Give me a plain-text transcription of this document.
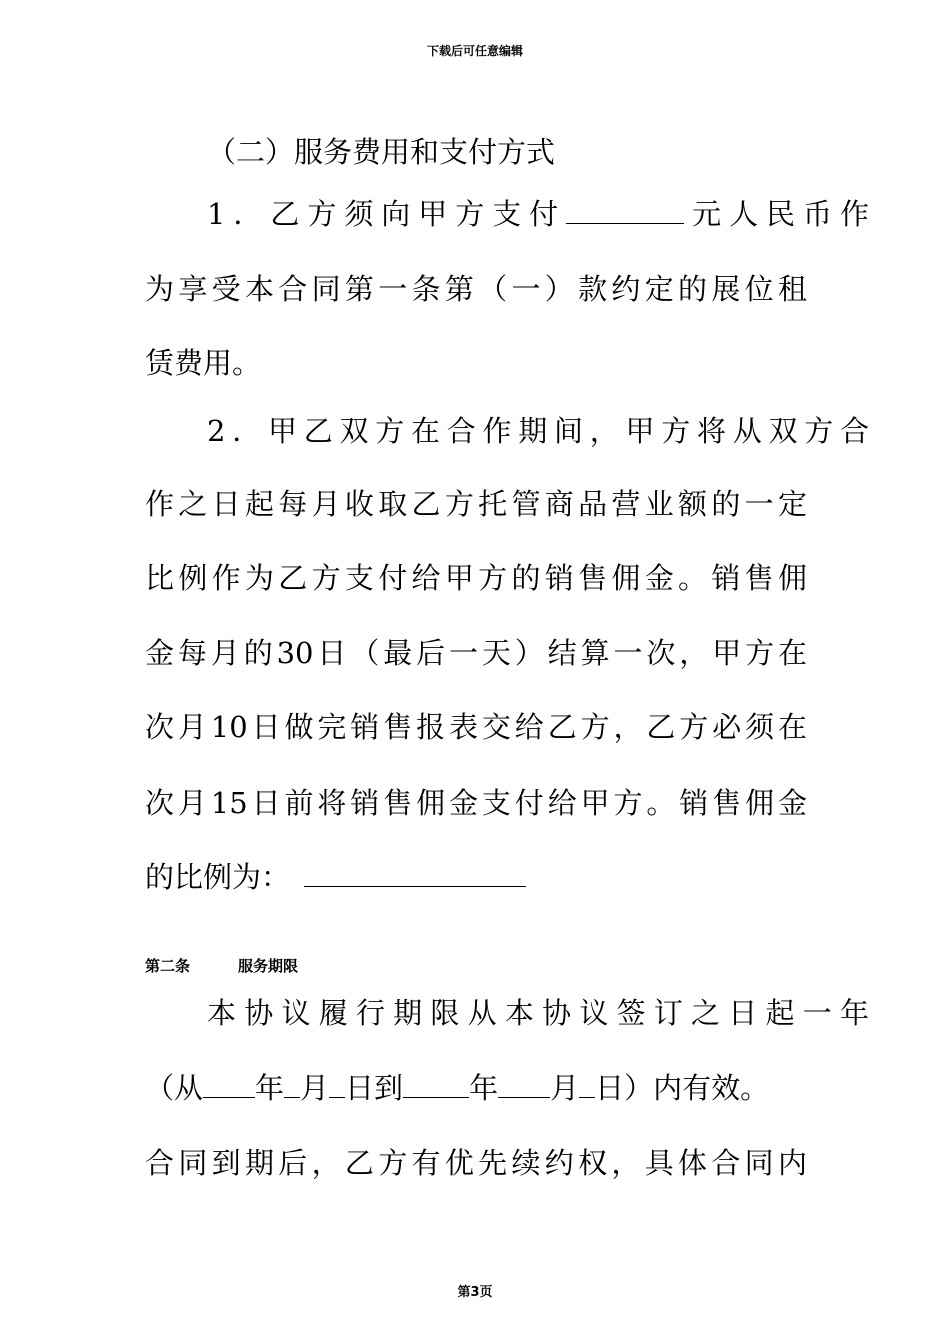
下载后可任意编辑
（二）服务费用和支付方式
1．乙方须向甲方支付	元人民币作
为享受本合同第一条第（一）款约定的展位租
赁费用。
2．甲乙双方在合作期间，甲方将从双方合
作之日起每月收取乙方托管商品营业额的一定
比例作为乙方支付给甲方的销售佣金。销售佣
金每月的30日（最后一天）结算一次，甲方在
次月10日做完销售报表交给乙方，乙方必须在
次月15日前将销售佣金支付给甲方。销售佣金
的比例为：
第二条	服务期限
本协议履行期限从本协议签订之日起一年
（从 年 月 日到 年 月 日）内有效。
合同到期后，乙方有优先续约权，具体合同内
第3页
